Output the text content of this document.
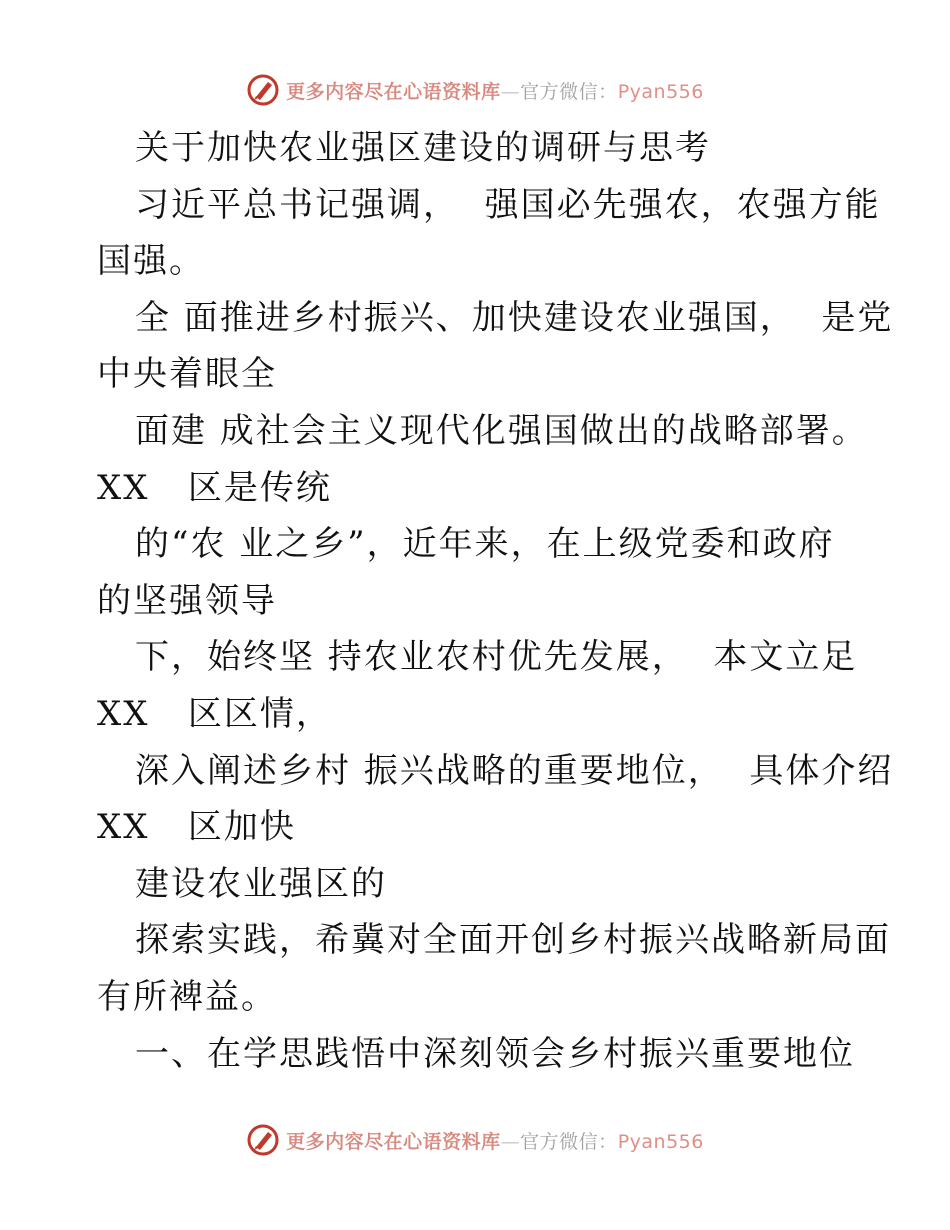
更多内容尽在心语资料库—官方微信：Pyan556
关于加快农业强区建设的调研与思考
习近平总书记强调，  强国必先强农，农强方能
国强。
全 面推进乡村振兴、加快建设农业强国，  是党
中央着眼全
面建 成社会主义现代化强国做出的战略部署。
XX   区是传统
的“农 业之乡”，近年来，在上级党委和政府
的坚强领导
下，始终坚 持农业农村优先发展，  本文立足
XX   区区情，
深入阐述乡村 振兴战略的重要地位，  具体介绍
XX   区加快
建设农业强区的
探索实践，希冀对全面开创乡村振兴战略新局面
有所裨益。
一、在学思践悟中深刻领会乡村振兴重要地位
更多内容尽在心语资料库—官方微信：Pyan556
